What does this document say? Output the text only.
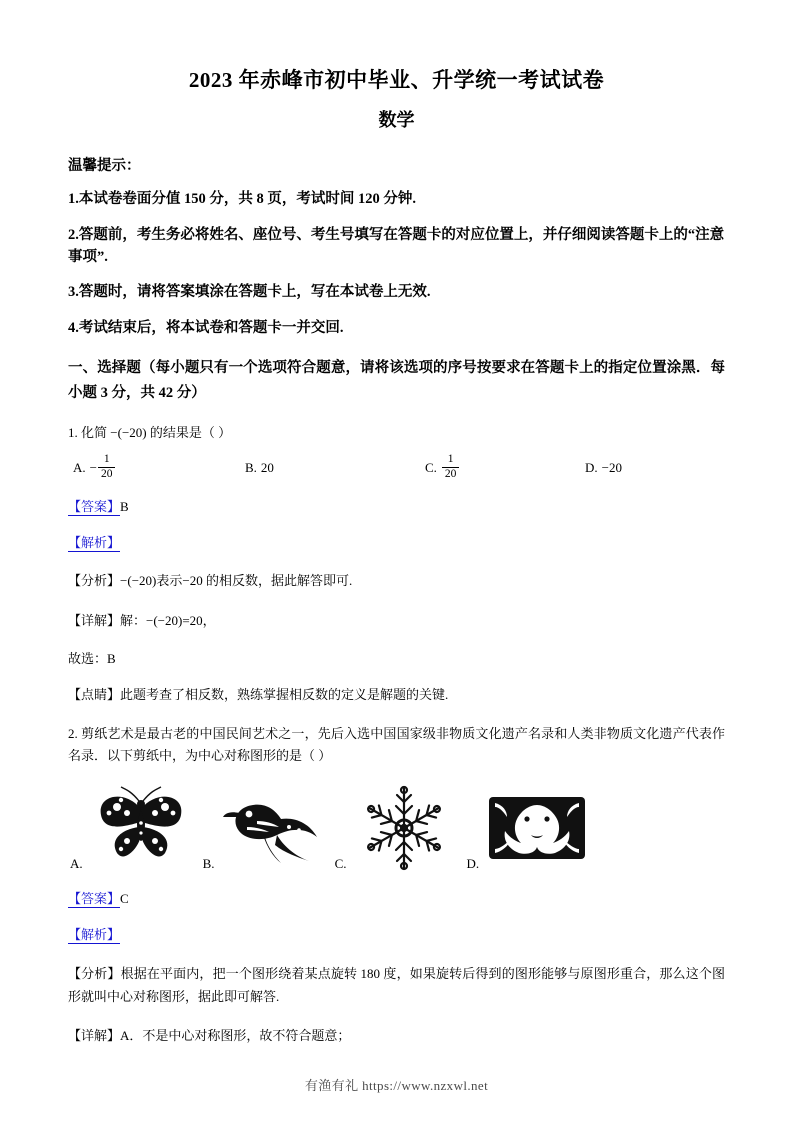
2023 年赤峰市初中毕业、升学统一考试试卷
数学
温馨提示：
1.本试卷卷面分值 150 分，共 8 页，考试时间 120 分钟.
2.答题前，考生务必将姓名、座位号、考生号填写在答题卡的对应位置上，并仔细阅读答题卡上的“注意事项”.
3.答题时，请将答案填涂在答题卡上，写在本试卷上无效.
4.考试结束后，将本试卷和答题卡一并交回.
一、选择题（每小题只有一个选项符合题意，请将该选项的序号按要求在答题卡上的指定位置涂黑．每小题 3 分，共 42 分）
1. 化简 −(−20) 的结果是（ ）
A. − $\frac{1}{20}$	B. 20	C. $\frac{1}{20}$	D. −20
【答案】B
【解析】
【分析】−(−20)表示−20 的相反数，据此解答即可.
【详解】解：−(−20)=20，
故选：B
【点睛】此题考查了相反数，熟练掌握相反数的定义是解题的关键.
2. 剪纸艺术是最古老的中国民间艺术之一，先后入选中国国家级非物质文化遗产名录和人类非物质文化遗产代表作名录．以下剪纸中，为中心对称图形的是（ ）
A.	B.	C.	D.
【答案】C
【解析】
【分析】根据在平面内，把一个图形绕着某点旋转 180 度，如果旋转后得到的图形能够与原图形重合，那么这个图形就叫中心对称图形，据此即可解答.
【详解】A．不是中心对称图形，故不符合题意；
有渔有礼 https://www.nzxwl.net
